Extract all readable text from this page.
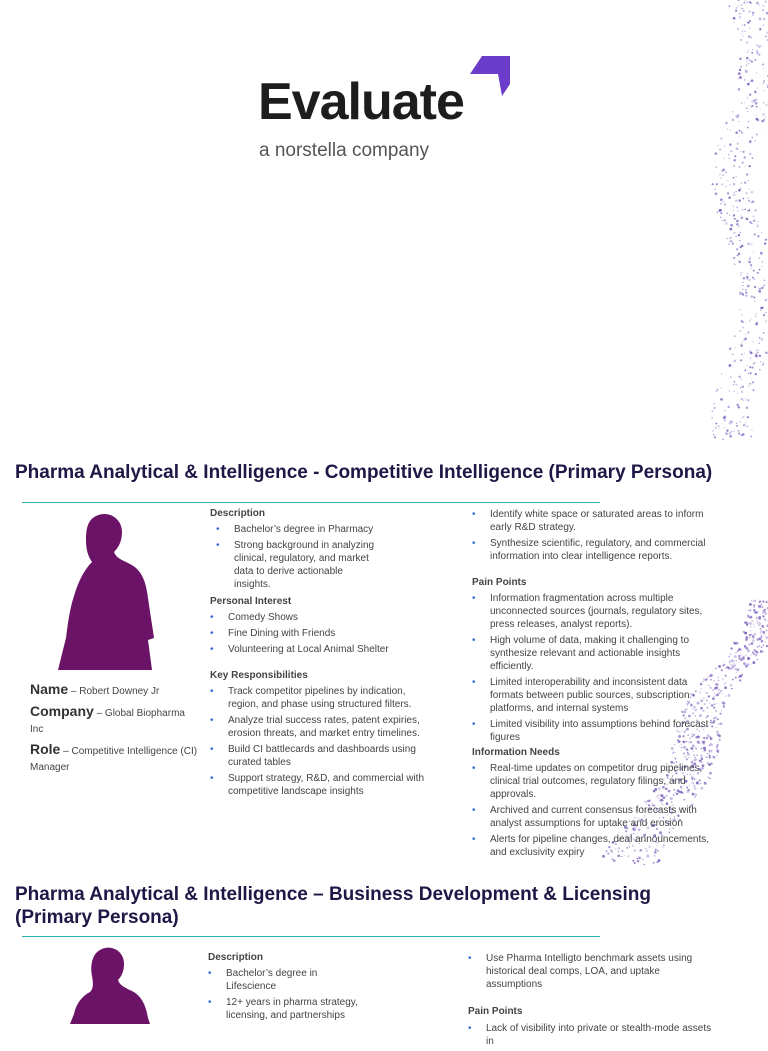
Evaluate
a norstella company
Pharma Analytical & Intelligence - Competitive Intelligence (Primary Persona)
Name – Robert Downey Jr
Company – Global Biopharma Inc
Role – Competitive Intelligence (CI) Manager
Description
• Bachelor’s degree in Pharmacy
• Strong background in analyzing clinical, regulatory, and market data to derive actionable insights.
Personal Interest
• Comedy Shows
• Fine Dining with Friends
• Volunteering at Local Animal Shelter
Key Responsibilities
• Track competitor pipelines by indication, region, and phase using structured filters.
• Analyze trial success rates, patent expiries, erosion threats, and market entry timelines.
• Build CI battlecards and dashboards using curated tables
• Support strategy, R&D, and commercial with competitive landscape insights
• Identify white space or saturated areas to inform early R&D strategy.
• Synthesize scientific, regulatory, and commercial information into clear intelligence reports.
Pain Points
• Information fragmentation across multiple unconnected sources (journals, regulatory sites, press releases, analyst reports).
• High volume of data, making it challenging to synthesize relevant and actionable insights efficiently.
• Limited interoperability and inconsistent data formats between public sources, subscription platforms, and internal systems
• Limited visibility into assumptions behind forecast figures
Information Needs
• Real-time updates on competitor drug pipelines, clinical trial outcomes, regulatory filings, and approvals.
• Archived and current consensus forecasts with analyst assumptions for uptake and erosion
• Alerts for pipeline changes, deal announcements, and exclusivity expiry
Pharma Analytical & Intelligence – Business Development & Licensing
(Primary Persona)
Description
• Bachelor’s degree in Lifescience
• 12+ years in pharma strategy, licensing, and partnerships
• Use Pharma Intelligto benchmark assets using historical deal comps, LOA, and uptake assumptions
Pain Points
• Lack of visibility into private or stealth-mode assets in
